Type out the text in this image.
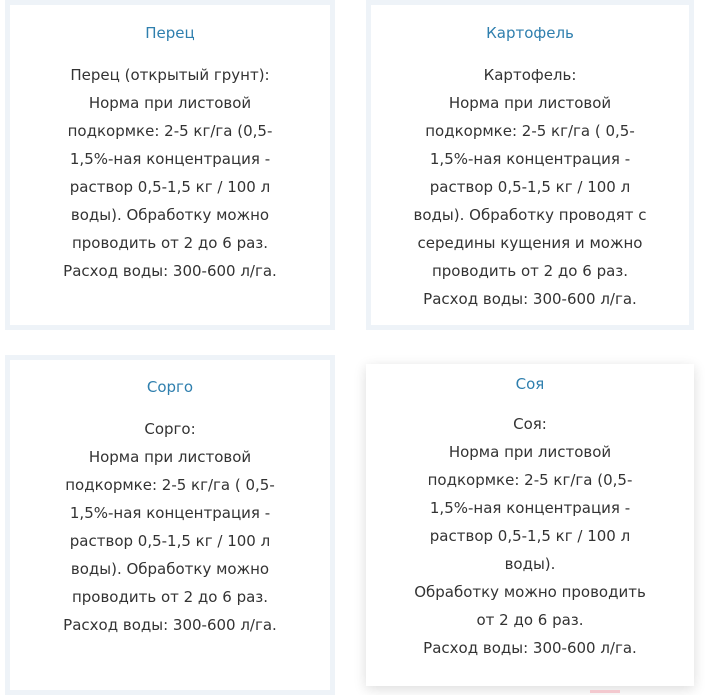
Перец
Перец (открытый грунт):
Норма при листовой
подкормке: 2-5 кг/га (0,5-
1,5%-ная концентрация -
раствор 0,5-1,5 кг / 100 л
воды). Обработку можно
проводить от 2 до 6 раз.
Расход воды: 300-600 л/га.
Картофель
Картофель:
Норма при листовой
подкормке: 2-5 кг/га ( 0,5-
1,5%-ная концентрация -
раствор 0,5-1,5 кг / 100 л
воды). Обработку проводят с
середины кущения и можно
проводить от 2 до 6 раз.
Расход воды: 300-600 л/га.
Сорго
Сорго:
Норма при листовой
подкормке: 2-5 кг/га ( 0,5-
1,5%-ная концентрация -
раствор 0,5-1,5 кг / 100 л
воды). Обработку можно
проводить от 2 до 6 раз.
Расход воды: 300-600 л/га.
Соя
Соя:
Норма при листовой
подкормке: 2-5 кг/га (0,5-
1,5%-ная концентрация -
раствор 0,5-1,5 кг / 100 л
воды).
Обработку можно проводить
от 2 до 6 раз.
Расход воды: 300-600 л/га.
